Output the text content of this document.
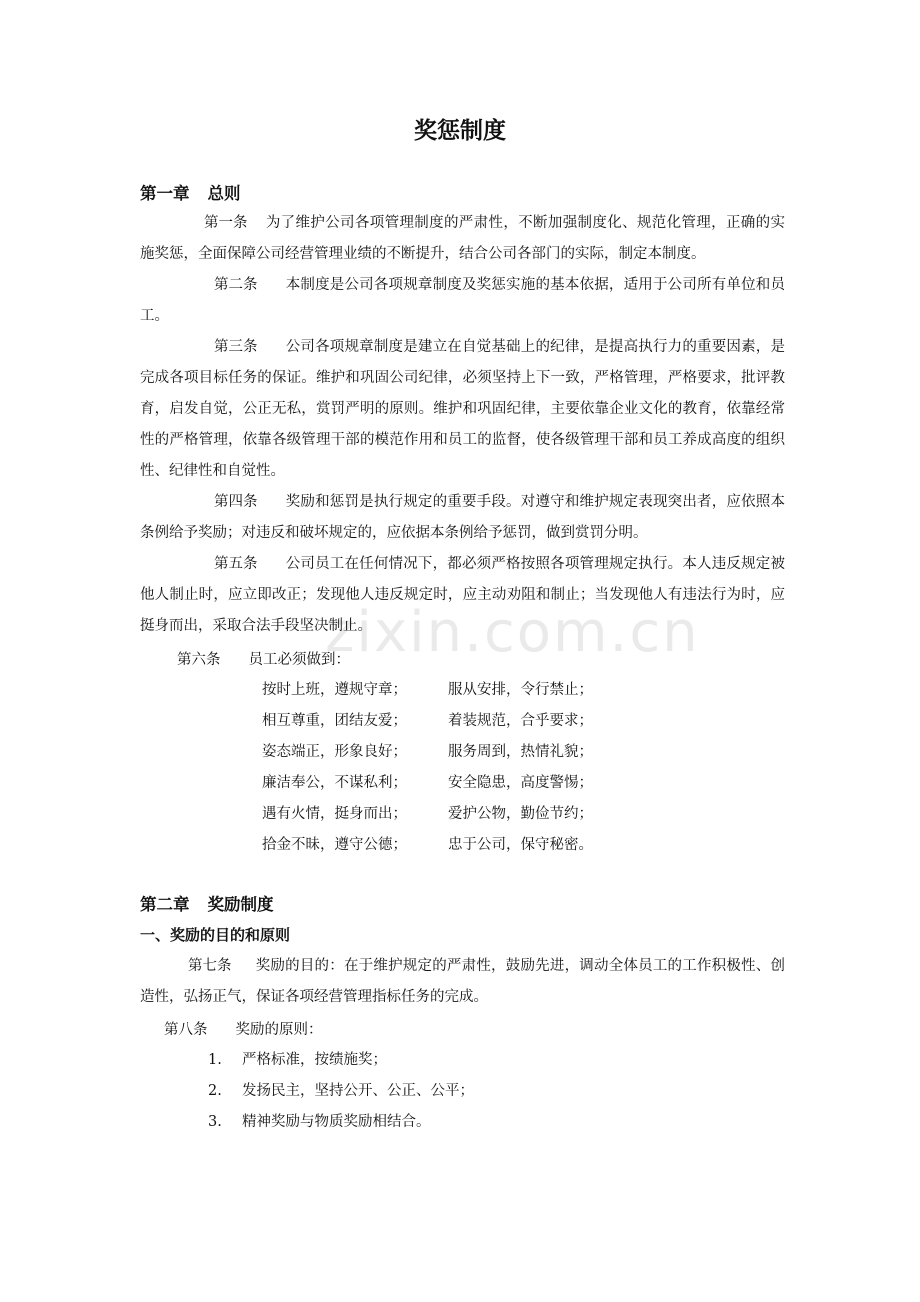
zixin.com.cn
奖惩制度
第一章 总则
第一条 为了维护公司各项管理制度的严肃性，不断加强制度化、规范化管理，正确的实施奖惩，全面保障公司经营管理业绩的不断提升，结合公司各部门的实际，制定本制度。
第二条 本制度是公司各项规章制度及奖惩实施的基本依据，适用于公司所有单位和员工。
第三条 公司各项规章制度是建立在自觉基础上的纪律，是提高执行力的重要因素，是完成各项目标任务的保证。维护和巩固公司纪律，必须坚持上下一致，严格管理，严格要求，批评教育，启发自觉，公正无私，赏罚严明的原则。维护和巩固纪律，主要依靠企业文化的教育，依靠经常性的严格管理，依靠各级管理干部的模范作用和员工的监督，使各级管理干部和员工养成高度的组织性、纪律性和自觉性。
第四条 奖励和惩罚是执行规定的重要手段。对遵守和维护规定表现突出者，应依照本条例给予奖励；对违反和破坏规定的，应依据本条例给予惩罚，做到赏罚分明。
第五条 公司员工在任何情况下，都必须严格按照各项管理规定执行。本人违反规定被他人制止时，应立即改正；发现他人违反规定时，应主动劝阻和制止；当发现他人有违法行为时，应挺身而出，采取合法手段坚决制止。
第六条 员工必须做到：
按时上班，遵规守章；	服从安排，令行禁止；
相互尊重，团结友爱；	着装规范，合乎要求；
姿态端正，形象良好；	服务周到，热情礼貌；
廉洁奉公，不谋私利；	安全隐患，高度警惕；
遇有火情，挺身而出；	爱护公物，勤俭节约；
拾金不昧，遵守公德；	忠于公司，保守秘密。
第二章 奖励制度
一、奖励的目的和原则
第七条 奖励的目的：在于维护规定的严肃性，鼓励先进，调动全体员工的工作积极性、创造性，弘扬正气，保证各项经营管理指标任务的完成。
第八条 奖励的原则：
1. 严格标准，按绩施奖；
2. 发扬民主，坚持公开、公正、公平；
3. 精神奖励与物质奖励相结合。
